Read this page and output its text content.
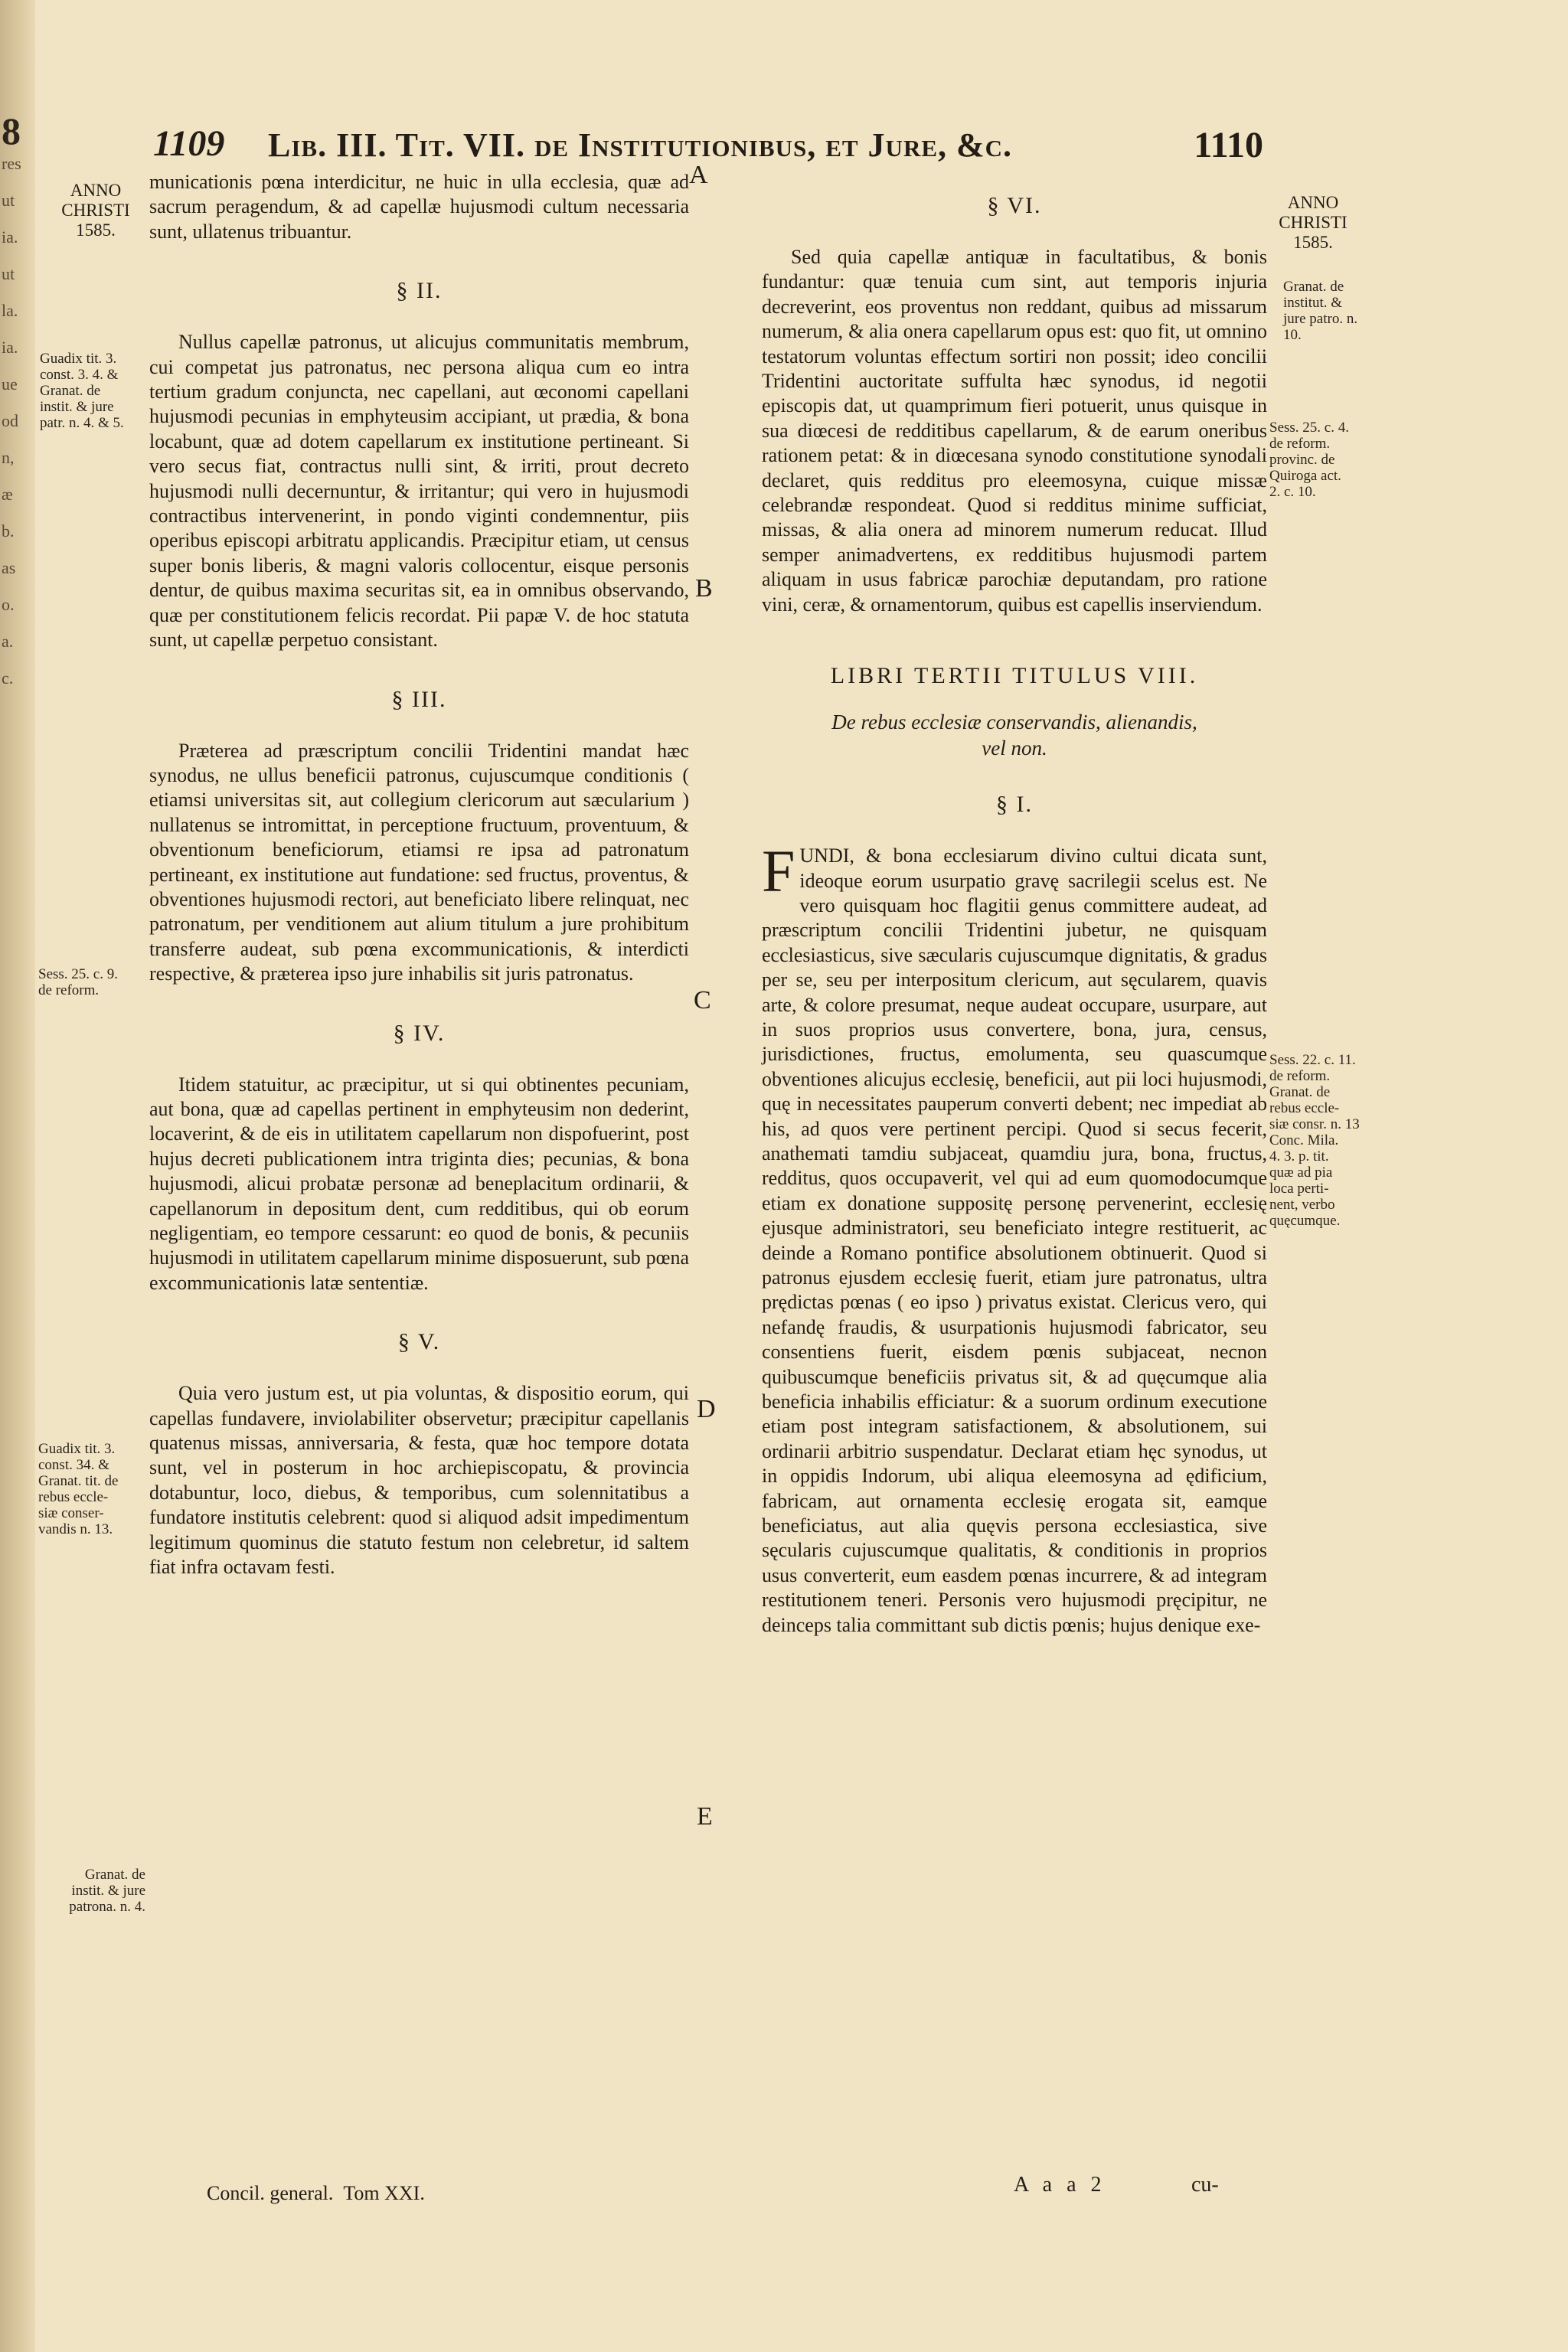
res
ut
ia.
ut
la.
ia.
ue
od
n,
æ
b.
as
o.
a.
c.
8	1109 Lib. III. Tit. VII. de Institutionibus, et Jure, &c.	1110
ANNO
CHRISTI
1585.
ANNO
CHRISTI
1585.

municationis pœna interdicitur, ne huic in ulla ecclesia, quæ ad sacrum peragendum, & ad capellæ hujusmodi cultum necessaria sunt, ullatenus tribuantur.

§ II.

Nullus capellæ patronus, ut alicujus communitatis membrum, cui competat jus patronatus, nec persona aliqua cum eo intra tertium gradum conjuncta, nec capellani, aut œconomi capellani hujusmodi pecunias in emphyteusim accipiant, ut prædia, & bona locabunt, quæ ad dotem capellarum ex institutione pertineant. Si vero secus fiat, contractus nulli sint, & irriti, prout decreto hujusmodi nulli decernuntur, & irritantur; qui vero in hujusmodi contractibus intervenerint, in pondo viginti condemnentur, piis operibus episcopi arbitratu applicandis. Præcipitur etiam, ut census super bonis liberis, & magni valoris collocentur, eisque personis dentur, de quibus maxima securitas sit, ea in omnibus observando, quæ per constitutionem felicis recordat. Pii papæ V. de hoc statuta sunt, ut capellæ perpetuo consistant.

§ III.

Præterea ad præscriptum concilii Tridentini mandat hæc synodus, ne ullus beneficii patronus, cujuscumque conditionis ( etiamsi universitas sit, aut collegium clericorum aut sæcularium ) nullatenus se intromittat, in perceptione fructuum, proventuum, & obventionum beneficiorum, etiamsi re ipsa ad patronatum pertineant, ex institutione aut fundatione: sed fructus, proventus, & obventiones hujusmodi rectori, aut beneficiato libere relinquat, nec patronatum, per venditionem aut alium titulum a jure prohibitum transferre audeat, sub pœna excommunicationis, & interdicti respective, & præterea ipso jure inhabilis sit juris patronatus.

§ IV.

Itidem statuitur, ac præcipitur, ut si qui obtinentes pecuniam, aut bona, quæ ad capellas pertinent in emphyteusim non dederint, locaverint, & de eis in utilitatem capellarum non dispofuerint, post hujus decreti publicationem intra triginta dies; pecunias, & bona hujusmodi, alicui probatæ personæ ad beneplacitum ordinarii, & capellanorum in depositum dent, cum redditibus, qui ob eorum negligentiam, eo tempore cessarunt: eo quod de bonis, & pecuniis hujusmodi in utilitatem capellarum minime disposuerunt, sub pœna excommunicationis latæ sententiæ.

§ V.

Quia vero justum est, ut pia voluntas, & dispositio eorum, qui capellas fundavere, inviolabiliter observetur; præcipitur capellanis quatenus missas, anniversaria, & festa, quæ hoc tempore dotata sunt, vel in posterum in hoc archiepiscopatu, & provincia dotabuntur, loco, diebus, & temporibus, cum solennitatibus a fundatore institutis celebrent: quod si aliquod adsit impedimentum legitimum quominus die statuto festum non celebretur, id saltem fiat infra octavam festi.

§ VI.

Sed quia capellæ antiquæ in facultatibus, & bonis fundantur: quæ tenuia cum sint, aut temporis injuria decreverint, eos proventus non reddant, quibus ad missarum numerum, & alia onera capellarum opus est: quo fit, ut omnino testatorum voluntas effectum sortiri non possit; ideo concilii Tridentini auctoritate suffulta hæc synodus, id negotii episcopis dat, ut quamprimum fieri potuerit, unus quisque in sua diœcesi de redditibus capellarum, & de earum oneribus rationem petat: & in diœcesana synodo constitutione synodali declaret, quis redditus pro eleemosyna, cuique missæ celebrandæ respondeat. Quod si redditus minime sufficiat, missas, & alia onera ad minorem numerum reducat. Illud semper animadvertens, ex redditibus hujusmodi partem aliquam in usus fabricæ parochiæ deputandam, pro ratione vini, ceræ, & ornamentorum, quibus est capellis inserviendum.

LIBRI TERTII TITULUS VIII.
De rebus ecclesiæ conservandis, alienandis,
vel non.
§ I.

FUNDI, & bona ecclesiarum divino cultui dicata sunt, ideoque eorum usurpatio gravę sacrilegii scelus est. Ne vero quisquam hoc flagitii genus committere audeat, ad præscriptum concilii Tridentini jubetur, ne quisquam ecclesiasticus, sive sæcularis cujuscumque dignitatis, & gradus per se, seu per interpositum clericum, aut sęcularem, quavis arte, & colore presumat, neque audeat occupare, usurpare, aut in suos proprios usus convertere, bona, jura, census, jurisdictiones, fructus, emolumenta, seu quascumque obventiones alicujus ecclesię, beneficii, aut pii loci hujusmodi, quę in necessitates pauperum converti debent; nec impediat ab his, ad quos vere pertinent percipi. Quod si secus fecerit, anathemati tamdiu subjaceat, quamdiu jura, bona, fructus, redditus, quos occupaverit, vel qui ad eum quomodocumque etiam ex donatione suppositę personę pervenerint, ecclesię ejusque administratori, seu beneficiato integre restituerit, ac deinde a Romano pontifice absolutionem obtinuerit. Quod si patronus ejusdem ecclesię fuerit, etiam jure patronatus, ultra prędictas pœnas ( eo ipso ) privatus existat. Clericus vero, qui nefandę fraudis, & usurpationis hujusmodi fabricator, seu consentiens fuerit, eisdem pœnis subjaceat, necnon quibuscumque beneficiis privatus sit, & ad quęcumque alia beneficia inhabilis efficiatur: & a suorum ordinum executione etiam post integram satisfactionem, & absolutionem, sui ordinarii arbitrio suspendatur. Declarat etiam hęc synodus, ut in oppidis Indorum, ubi aliqua eleemosyna ad ędificium, fabricam, aut ornamenta ecclesię erogata sit, eamque beneficiatus, aut alia quęvis persona ecclesiastica, sive sęcularis cujuscumque qualitatis, & conditionis in proprios usus converterit, eum easdem pœnas incurrere, & ad integram restitutionem teneri. Personis vero hujusmodi pręcipitur, ne deinceps talia committant sub dictis pœnis; hujus denique exe-

Guadix tit. 3.
const. 3. 4. &
Granat. de
instit. & jure
patr. n. 4. & 5.
Sess. 25. c. 9.
de reform.
Guadix tit. 3.
const. 34. &
Granat. tit. de
rebus eccle-
siæ conser-
vandis n. 13.
Granat. de
instit. & jure
patrona. n. 4.
Granat. de
institut. &
jure patro. n.
10.
Sess. 25. c. 4.
de reform.
provinc. de
Quiroga act.
2. c. 10.
Sess. 22. c. 11.
de reform.
Granat. de
rebus eccle-
siæ consr. n. 13
Conc. Mila.
4. 3. p. tit.
quæ ad pia
loca perti-
nent, verbo
quęcumque.
A
B
C
D
E
Concil. general. Tom XXI.	A a a 2	cu-
